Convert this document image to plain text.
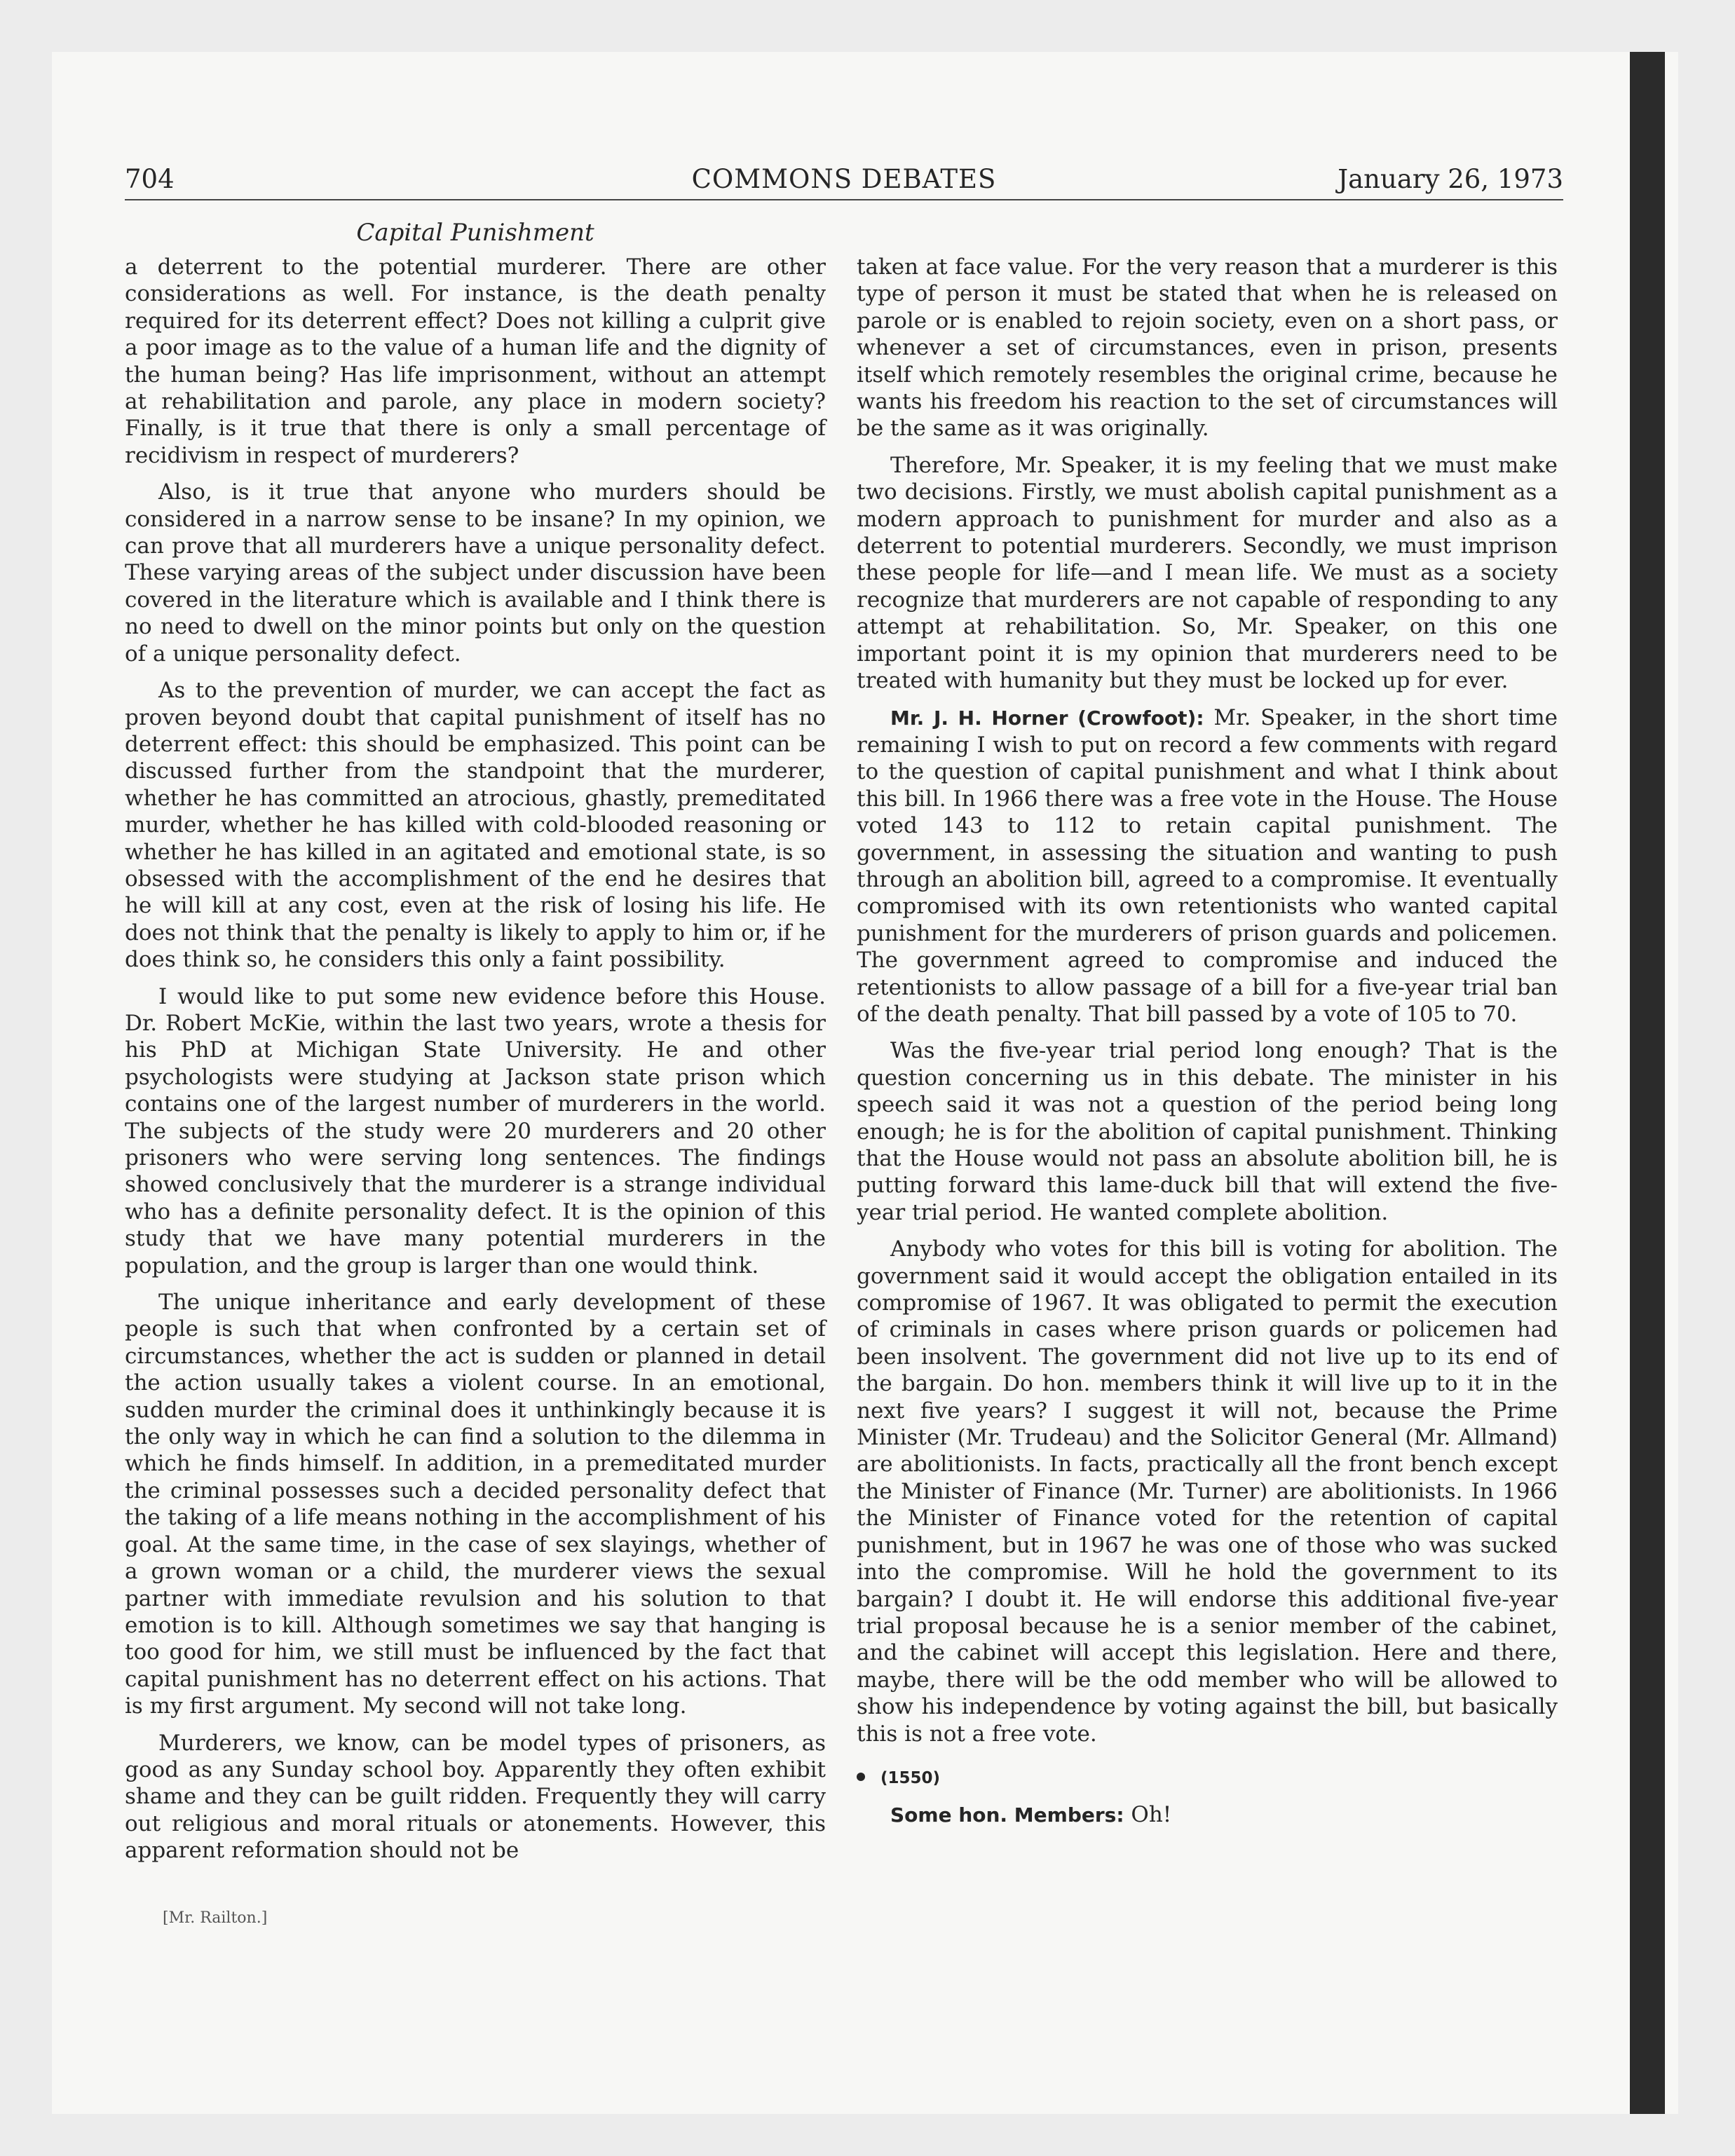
704	COMMONS DEBATES	January 26, 1973
Capital Punishment

a deterrent to the potential murderer. There are other considerations as well. For instance, is the death penalty required for its deterrent effect? Does not killing a culprit give a poor image as to the value of a human life and the dignity of the human being? Has life imprisonment, without an attempt at rehabilitation and parole, any place in modern society? Finally, is it true that there is only a small percentage of recidivism in respect of murderers?

Also, is it true that anyone who murders should be considered in a narrow sense to be insane? In my opinion, we can prove that all murderers have a unique personality defect. These varying areas of the subject under discussion have been covered in the literature which is available and I think there is no need to dwell on the minor points but only on the question of a unique personality defect.

As to the prevention of murder, we can accept the fact as proven beyond doubt that capital punishment of itself has no deterrent effect: this should be emphasized. This point can be discussed further from the standpoint that the murderer, whether he has committed an atrocious, ghastly, premeditated murder, whether he has killed with cold-blooded reasoning or whether he has killed in an agitated and emotional state, is so obsessed with the accomplishment of the end he desires that he will kill at any cost, even at the risk of losing his life. He does not think that the penalty is likely to apply to him or, if he does think so, he considers this only a faint possibility.

I would like to put some new evidence before this House. Dr. Robert McKie, within the last two years, wrote a thesis for his PhD at Michigan State University. He and other psychologists were studying at Jackson state prison which contains one of the largest number of murderers in the world. The subjects of the study were 20 murderers and 20 other prisoners who were serving long sentences. The findings showed conclusively that the murderer is a strange individual who has a definite personality defect. It is the opinion of this study that we have many potential murderers in the population, and the group is larger than one would think.

The unique inheritance and early development of these people is such that when confronted by a certain set of circumstances, whether the act is sudden or planned in detail the action usually takes a violent course. In an emotional, sudden murder the criminal does it unthinkingly because it is the only way in which he can find a solution to the dilemma in which he finds himself. In addition, in a premeditated murder the criminal possesses such a decided personality defect that the taking of a life means nothing in the accomplishment of his goal. At the same time, in the case of sex slayings, whether of a grown woman or a child, the murderer views the sexual partner with immediate revulsion and his solution to that emotion is to kill. Although sometimes we say that hanging is too good for him, we still must be influenced by the fact that capital punishment has no deterrent effect on his actions. That is my first argument. My second will not take long.

Murderers, we know, can be model types of prisoners, as good as any Sunday school boy. Apparently they often exhibit shame and they can be guilt ridden. Frequently they will carry out religious and moral rituals or atonements. However, this apparent reformation should not be

[Mr. Railton.]

taken at face value. For the very reason that a murderer is this type of person it must be stated that when he is released on parole or is enabled to rejoin society, even on a short pass, or whenever a set of circumstances, even in prison, presents itself which remotely resembles the original crime, because he wants his freedom his reaction to the set of circumstances will be the same as it was originally.

Therefore, Mr. Speaker, it is my feeling that we must make two decisions. Firstly, we must abolish capital punishment as a modern approach to punishment for murder and also as a deterrent to potential murderers. Secondly, we must imprison these people for life—and I mean life. We must as a society recognize that murderers are not capable of responding to any attempt at rehabilitation. So, Mr. Speaker, on this one important point it is my opinion that murderers need to be treated with humanity but they must be locked up for ever.

Mr. J. H. Horner (Crowfoot): Mr. Speaker, in the short time remaining I wish to put on record a few comments with regard to the question of capital punishment and what I think about this bill. In 1966 there was a free vote in the House. The House voted 143 to 112 to retain capital punishment. The government, in assessing the situation and wanting to push through an abolition bill, agreed to a compromise. It eventually compromised with its own retentionists who wanted capital punishment for the murderers of prison guards and policemen. The government agreed to compromise and induced the retentionists to allow passage of a bill for a five-year trial ban of the death penalty. That bill passed by a vote of 105 to 70.

Was the five-year trial period long enough? That is the question concerning us in this debate. The minister in his speech said it was not a question of the period being long enough; he is for the abolition of capital punishment. Thinking that the House would not pass an absolute abolition bill, he is putting forward this lame-duck bill that will extend the five-year trial period. He wanted complete abolition.

Anybody who votes for this bill is voting for abolition. The government said it would accept the obligation entailed in its compromise of 1967. It was obligated to permit the execution of criminals in cases where prison guards or policemen had been insolvent. The government did not live up to its end of the bargain. Do hon. members think it will live up to it in the next five years? I suggest it will not, because the Prime Minister (Mr. Trudeau) and the Solicitor General (Mr. Allmand) are abolitionists. In facts, practically all the front bench except the Minister of Finance (Mr. Turner) are abolitionists. In 1966 the Minister of Finance voted for the retention of capital punishment, but in 1967 he was one of those who was sucked into the compromise. Will he hold the government to its bargain? I doubt it. He will endorse this additional five-year trial proposal because he is a senior member of the cabinet, and the cabinet will accept this legislation. Here and there, maybe, there will be the odd member who will be allowed to show his independence by voting against the bill, but basically this is not a free vote.

(1550)

Some hon. Members: Oh!
